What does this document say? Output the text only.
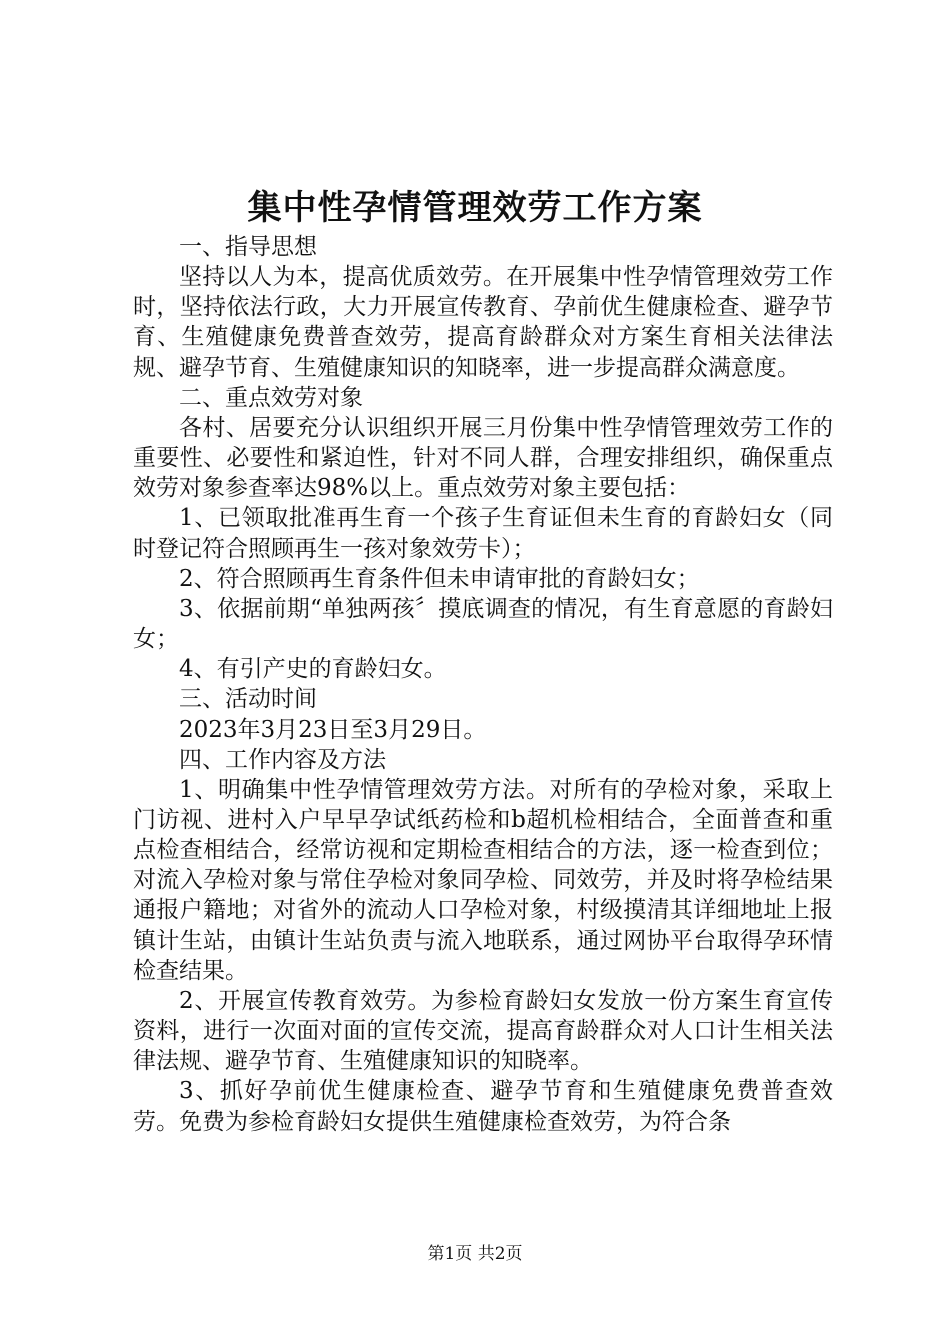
集中性孕情管理效劳工作方案

一、指导思想

坚持以人为本，提高优质效劳。在开展集中性孕情管理效劳工作时，坚持依法行政，大力开展宣传教育、孕前优生健康检查、避孕节育、生殖健康免费普查效劳，提高育龄群众对方案生育相关法律法规、避孕节育、生殖健康知识的知晓率，进一步提高群众满意度。

二、重点效劳对象

各村、居要充分认识组织开展三月份集中性孕情管理效劳工作的重要性、必要性和紧迫性，针对不同人群，合理安排组织，确保重点效劳对象参查率达98%以上。重点效劳对象主要包括：

1、已领取批准再生育一个孩子生育证但未生育的育龄妇女（同时登记符合照顾再生一孩对象效劳卡）；

2、符合照顾再生育条件但未申请审批的育龄妇女；

3、依据前期“单独两孩〞摸底调查的情况，有生育意愿的育龄妇女；

4、有引产史的育龄妇女。

三、活动时间

2023年3月23日至3月29日。

四、工作内容及方法

1、明确集中性孕情管理效劳方法。对所有的孕检对象，采取上门访视、进村入户早早孕试纸药检和b超机检相结合，全面普查和重点检查相结合，经常访视和定期检查相结合的方法，逐一检查到位；对流入孕检对象与常住孕检对象同孕检、同效劳，并及时将孕检结果通报户籍地；对省外的流动人口孕检对象，村级摸清其详细地址上报镇计生站，由镇计生站负责与流入地联系，通过网协平台取得孕环情检查结果。

2、开展宣传教育效劳。为参检育龄妇女发放一份方案生育宣传资料，进行一次面对面的宣传交流，提高育龄群众对人口计生相关法律法规、避孕节育、生殖健康知识的知晓率。

3、抓好孕前优生健康检查、避孕节育和生殖健康免费普查效劳。免费为参检育龄妇女提供生殖健康检查效劳，为符合条

第1页 共2页
